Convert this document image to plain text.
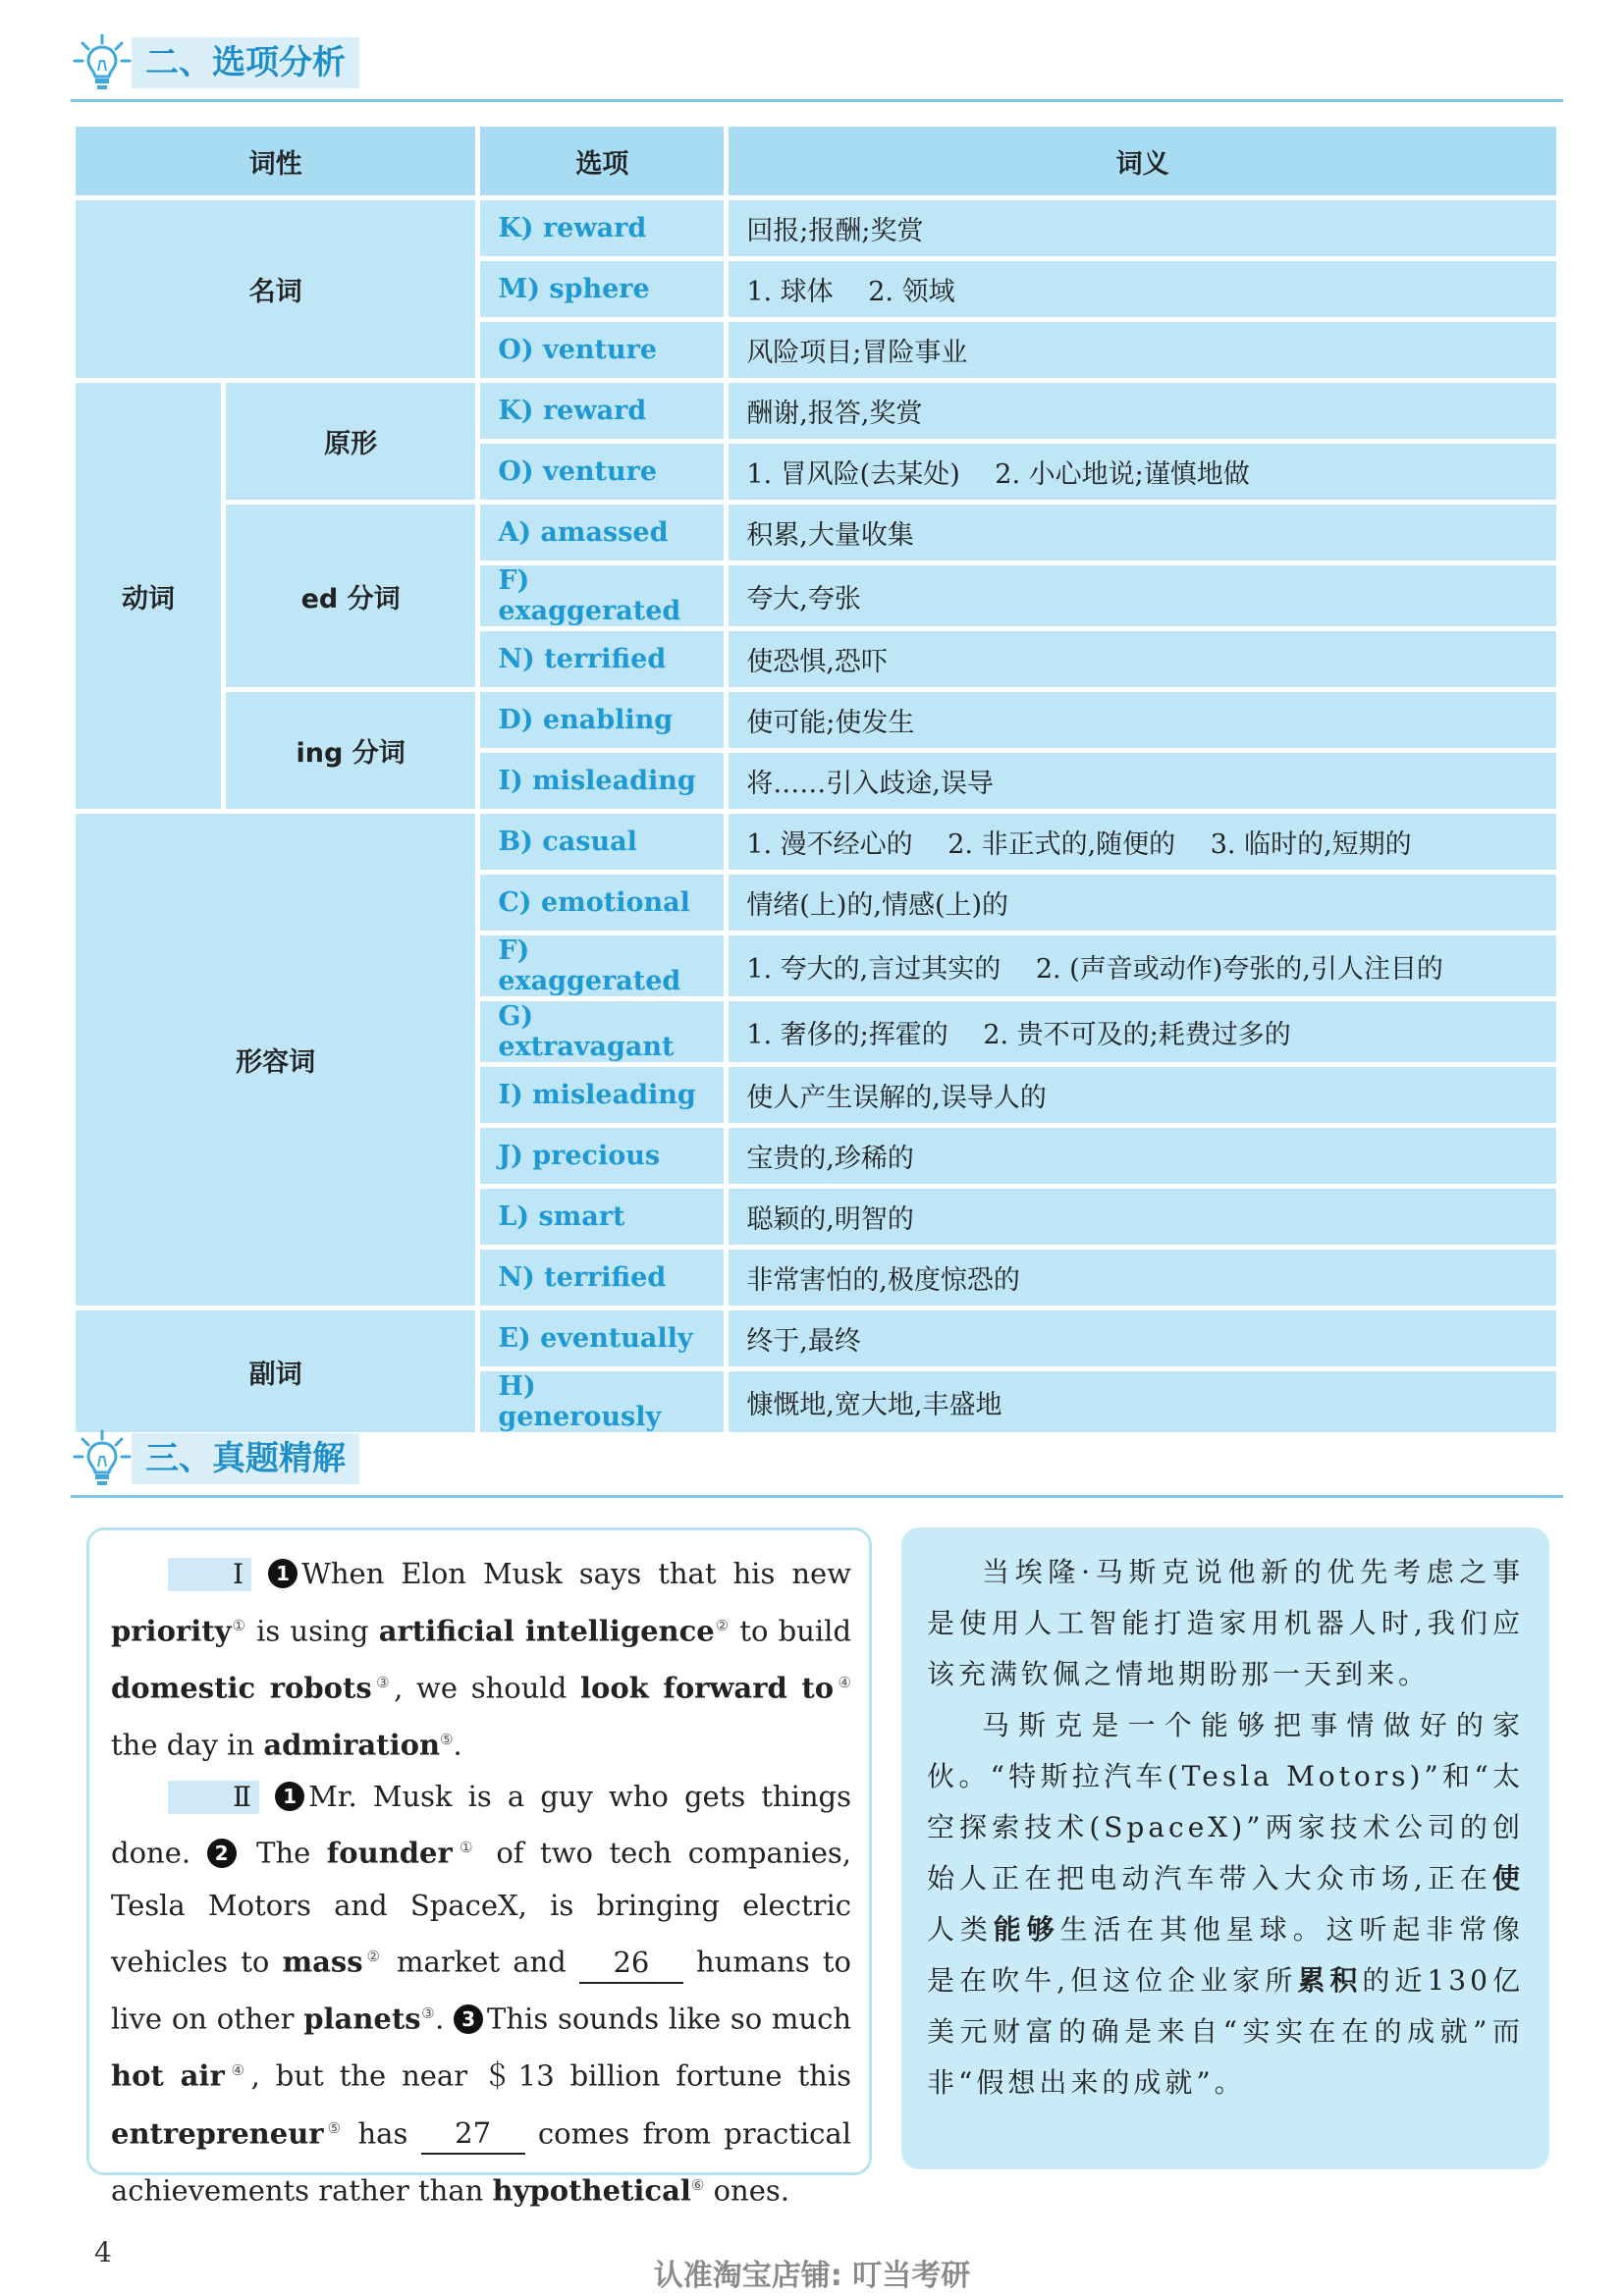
二、选项分析
词性		选项	词义
名词		K) reward	回报;报酬;奖赏
		M) sphere	1. 球体　 2. 领域
		O) venture	风险项目;冒险事业
动词	原形	K) reward	酬谢,报答,奖赏
		O) venture	1. 冒风险(去某处)　 2. 小心地说;谨慎地做
	ed 分词	A) amassed	积累,大量收集
		F) exaggerated	夸大,夸张
		N) terrified	使恐惧,恐吓
	ing 分词	D) enabling	使可能;使发生
		I) misleading	将……引入歧途,误导
形容词		B) casual	1. 漫不经心的　 2. 非正式的,随便的　 3. 临时的,短期的
		C) emotional	情绪(上)的,情感(上)的
		F) exaggerated	1. 夸大的,言过其实的　 2. (声音或动作)夸张的,引人注目的
		G) extravagant	1. 奢侈的;挥霍的　 2. 贵不可及的;耗费过多的
		I) misleading	使人产生误解的,误导人的
		J) precious	宝贵的,珍稀的
		L) smart	聪颖的,明智的
		N) terrified	非常害怕的,极度惊恐的
副词		E) eventually	终于,最终
		H) generously	慷慨地,宽大地,丰盛地
三、真题精解

Ⅰ 1 When Elon Musk says that his new priority① is using artificial intelligence② to build domestic robots③, we should look forward to④ the day in admiration⑤.

Ⅱ 1 Mr. Musk is a guy who gets things done. 2 The founder① of two tech companies, Tesla Motors and SpaceX, is bringing electric vehicles to mass② market and 26 humans to live on other planets③. 3 This sounds like so much hot air④, but the near ＄13 billion fortune this entrepreneur⑤ has 27 comes from practical achievements rather than hypothetical⑥ ones.

当埃隆·马斯克说他新的优先考虑之事是使用人工智能打造家用机器人时,我们应该充满钦佩之情地期盼那一天到来。

马斯克是一个能够把事情做好的家伙。“特斯拉汽车(Tesla Motors)”和“太空探索技术(SpaceX)”两家技术公司的创始人正在把电动汽车带入大众市场,正在使人类能够生活在其他星球。这听起非常像是在吹牛,但这位企业家所累积的近130亿美元财富的确是来自“实实在在的成就”而非“假想出来的成就”。

4
认准淘宝店铺: 叮当考研
